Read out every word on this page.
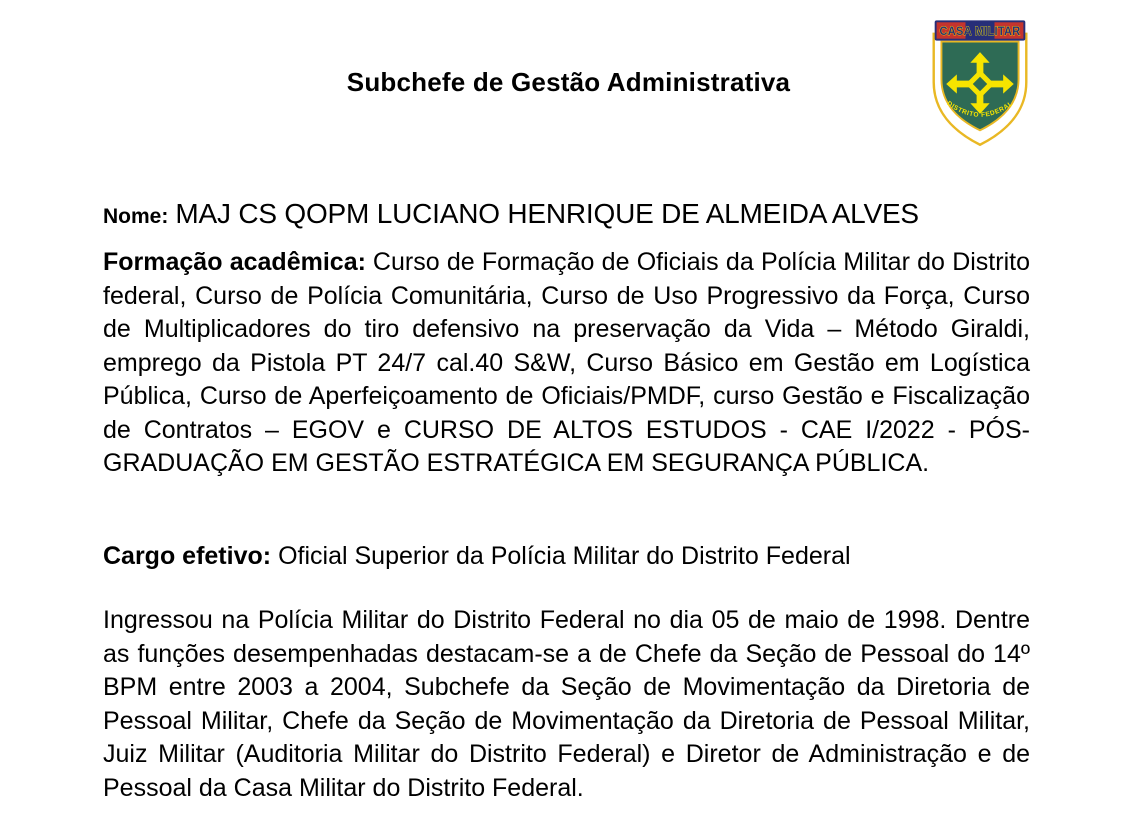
Subchefe de Gestão Administrativa
DISTRITO FEDERAL
CASA MILITAR

Nome: MAJ CS QOPM LUCIANO HENRIQUE DE ALMEIDA ALVES

Formação acadêmica: Curso de Formação de Oficiais da Polícia Militar do Distrito federal, Curso de Polícia Comunitária, Curso de Uso Progressivo da Força, Curso de Multiplicadores do tiro defensivo na preservação da Vida – Método Giraldi, emprego da Pistola PT 24/7 cal.40 S&W, Curso Básico em Gestão em Logística Pública, Curso de Aperfeiçoamento de Oficiais/PMDF, curso Gestão e Fiscalização de Contratos – EGOV e CURSO DE ALTOS ESTUDOS - CAE I/2022 - PÓS-GRADUAÇÃO EM GESTÃO ESTRATÉGICA EM SEGURANÇA PÚBLICA.

Cargo efetivo: Oficial Superior da Polícia Militar do Distrito Federal

Ingressou na Polícia Militar do Distrito Federal no dia 05 de maio de 1998. Dentre as funções desempenhadas destacam-se a de Chefe da Seção de Pessoal do 14º BPM entre 2003 a 2004, Subchefe da Seção de Movimentação da Diretoria de Pessoal Militar, Chefe da Seção de Movimentação da Diretoria de Pessoal Militar, Juiz Militar (Auditoria Militar do Distrito Federal) e Diretor de Administração e de Pessoal da Casa Militar do Distrito Federal.
